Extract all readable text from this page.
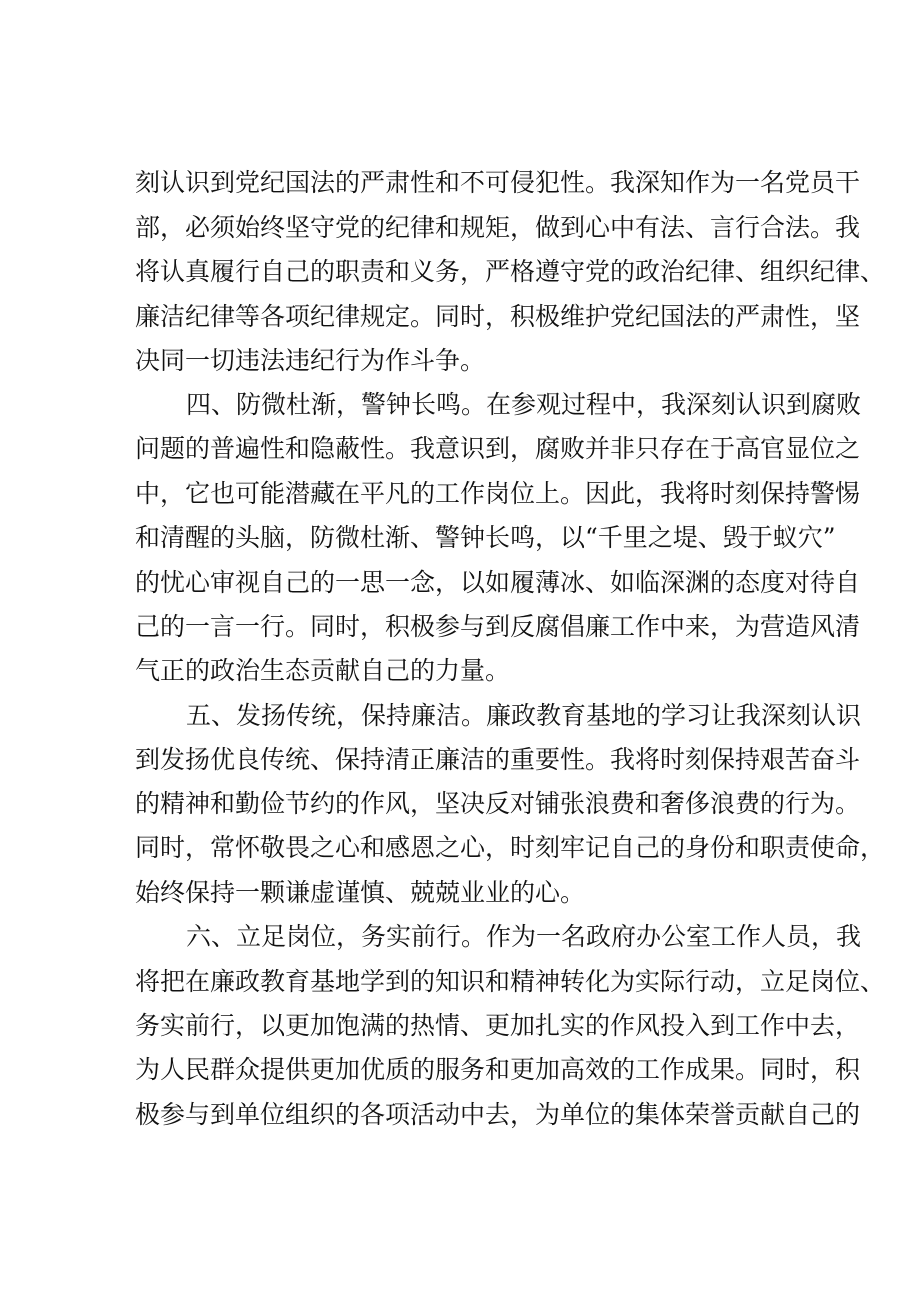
刻认识到党纪国法的严肃性和不可侵犯性。我深知作为一名党员干

部，必须始终坚守党的纪律和规矩，做到心中有法、言行合法。我

将认真履行自己的职责和义务，严格遵守党的政治纪律、组织纪律、

廉洁纪律等各项纪律规定。同时，积极维护党纪国法的严肃性，坚

决同一切违法违纪行为作斗争。

四、防微杜渐，警钟长鸣。在参观过程中，我深刻认识到腐败

问题的普遍性和隐蔽性。我意识到，腐败并非只存在于高官显位之

中，它也可能潜藏在平凡的工作岗位上。因此，我将时刻保持警惕

和清醒的头脑，防微杜渐、警钟长鸣，以“千里之堤、毁于蚁穴”

的忧心审视自己的一思一念，以如履薄冰、如临深渊的态度对待自

己的一言一行。同时，积极参与到反腐倡廉工作中来，为营造风清

气正的政治生态贡献自己的力量。

五、发扬传统，保持廉洁。廉政教育基地的学习让我深刻认识

到发扬优良传统、保持清正廉洁的重要性。我将时刻保持艰苦奋斗

的精神和勤俭节约的作风，坚决反对铺张浪费和奢侈浪费的行为。

同时，常怀敬畏之心和感恩之心，时刻牢记自己的身份和职责使命，

始终保持一颗谦虚谨慎、兢兢业业的心。

六、立足岗位，务实前行。作为一名政府办公室工作人员，我

将把在廉政教育基地学到的知识和精神转化为实际行动，立足岗位、

务实前行，以更加饱满的热情、更加扎实的作风投入到工作中去，

为人民群众提供更加优质的服务和更加高效的工作成果。同时，积

极参与到单位组织的各项活动中去，为单位的集体荣誉贡献自己的
